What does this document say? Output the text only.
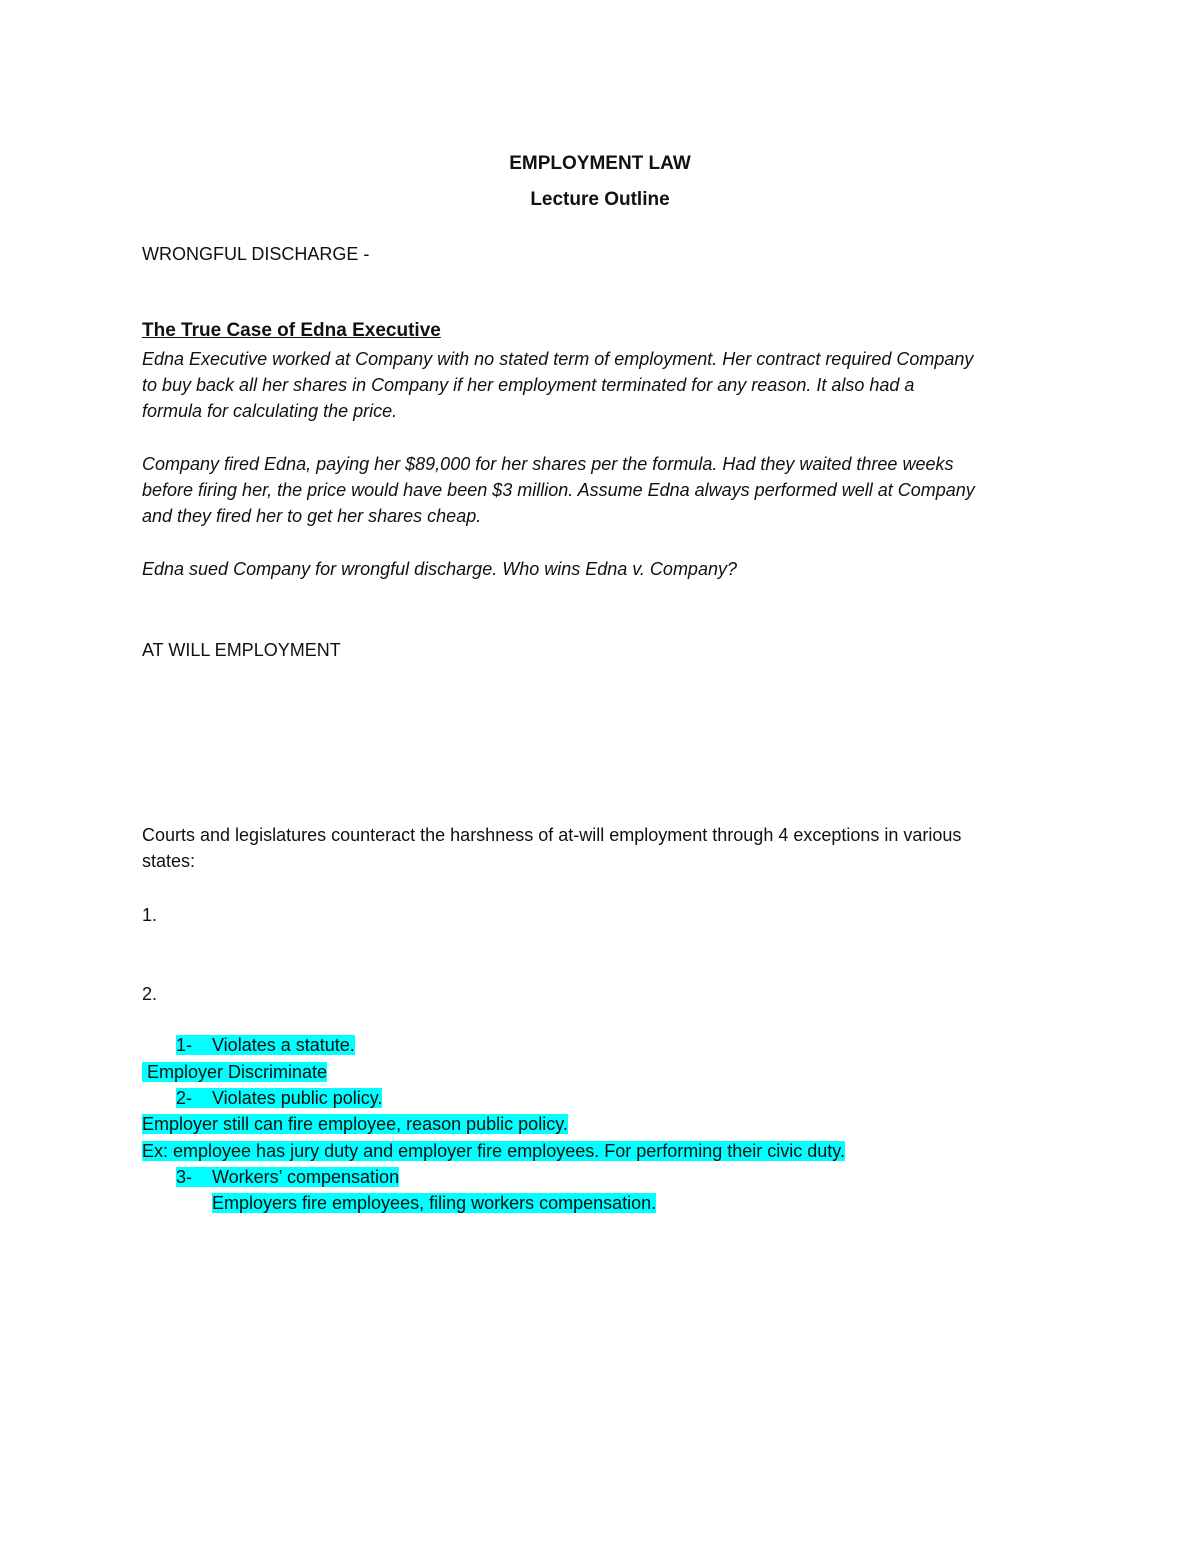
EMPLOYMENT LAW
Lecture Outline
WRONGFUL DISCHARGE -
The True Case of Edna Executive
Edna Executive worked at Company with no stated term of employment. Her contract required Company
to buy back all her shares in Company if her employment terminated for any reason. It also had a
formula for calculating the price.
Company fired Edna, paying her $89,000 for her shares per the formula. Had they waited three weeks
before firing her, the price would have been $3 million. Assume Edna always performed well at Company
and they fired her to get her shares cheap.
Edna sued Company for wrongful discharge. Who wins Edna v. Company?
AT WILL EMPLOYMENT
Courts and legislatures counteract the harshness of at-will employment through 4 exceptions in various
states:
1.
2.
1- Violates a statute.
Employer Discriminate
2- Violates public policy.
Employer still can fire employee, reason public policy.
Ex: employee has jury duty and employer fire employees. For performing their civic duty.
3- Workers’ compensation
Employers fire employees, filing workers compensation.
